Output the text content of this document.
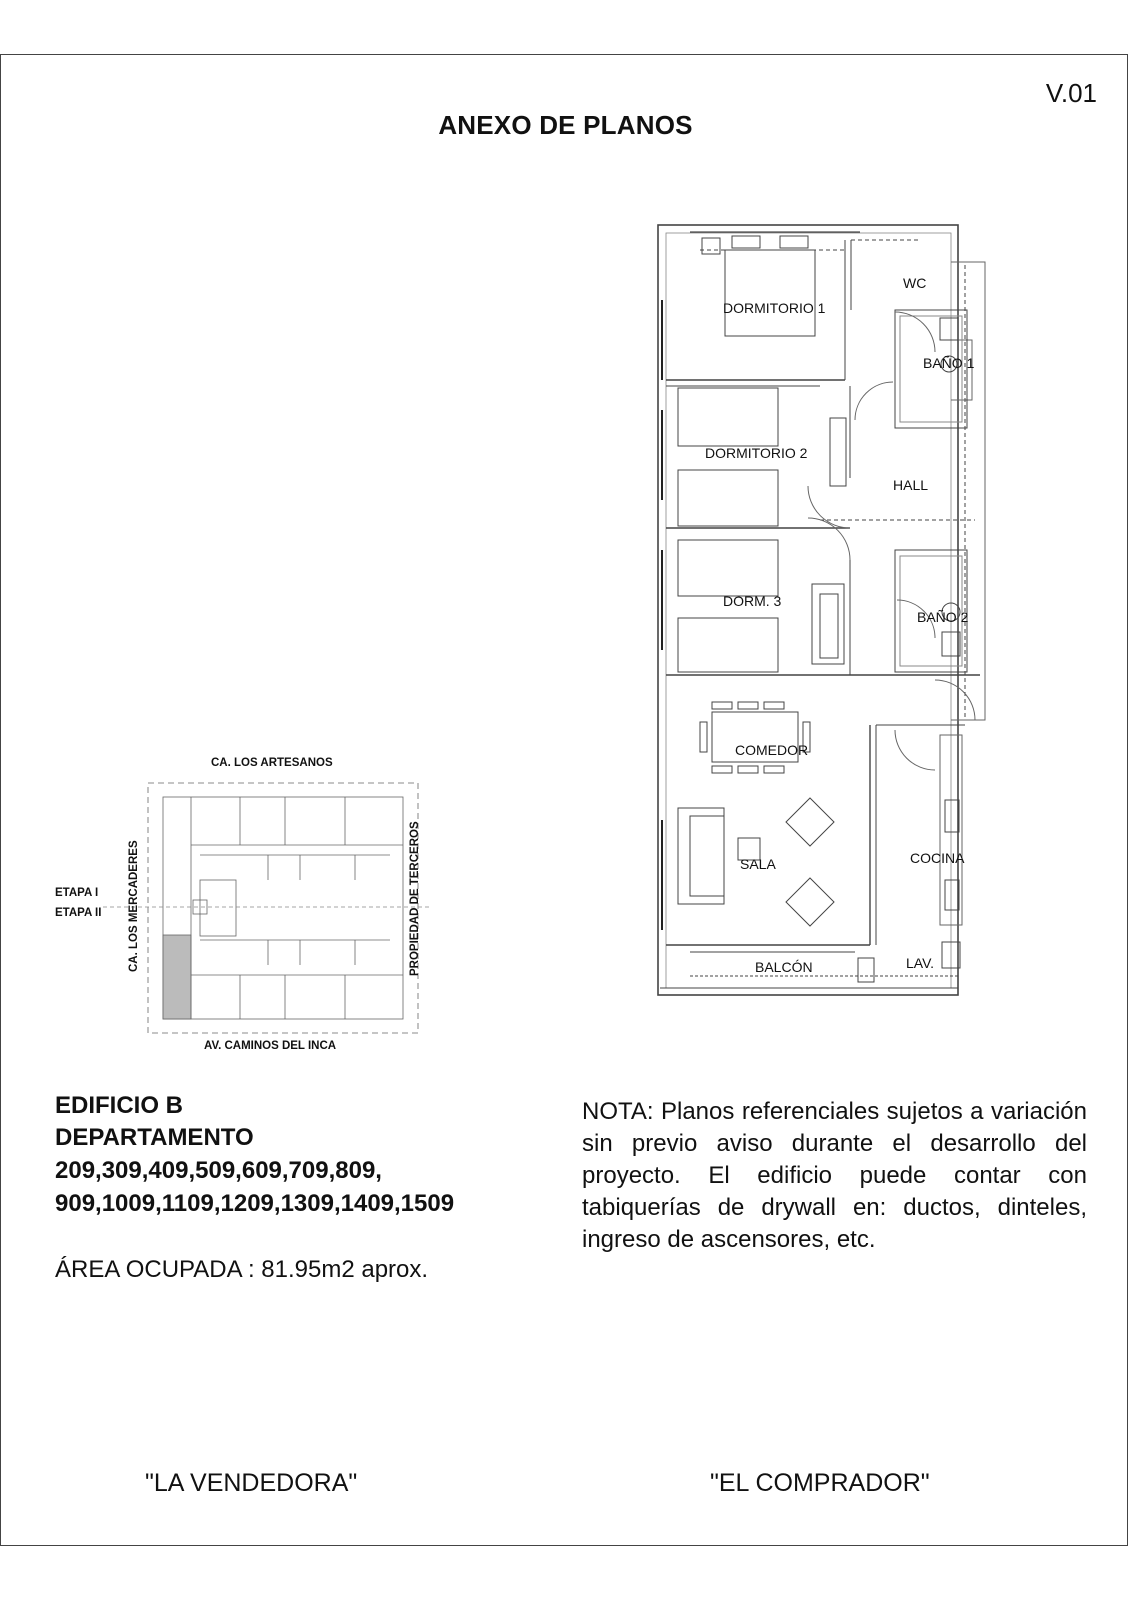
V.01
ANEXO DE PLANOS
DORMITORIO 1
WC
BAÑO 1
DORMITORIO 2
HALL
DORM. 3
BAÑO 2
COMEDOR
SALA	COCINA
BALCÓN	LAV.
CA. LOS ARTESANOS
AV. CAMINOS DEL INCA
CA. LOS MERCADERES	PROPIEDAD DE TERCEROS
ETAPA I
ETAPA II
EDIFICIO B
DEPARTAMENTO
209,309,409,509,609,709,809,
909,1009,1109,1209,1309,1409,1509
ÁREA OCUPADA : 81.95m2 aprox.
NOTA: Planos referenciales sujetos a variación sin previo aviso durante el desarrollo del proyecto. El edificio puede contar con tabiquerías de drywall en: ductos, dinteles, ingreso de ascensores, etc.
"LA VENDEDORA"	"EL COMPRADOR"
